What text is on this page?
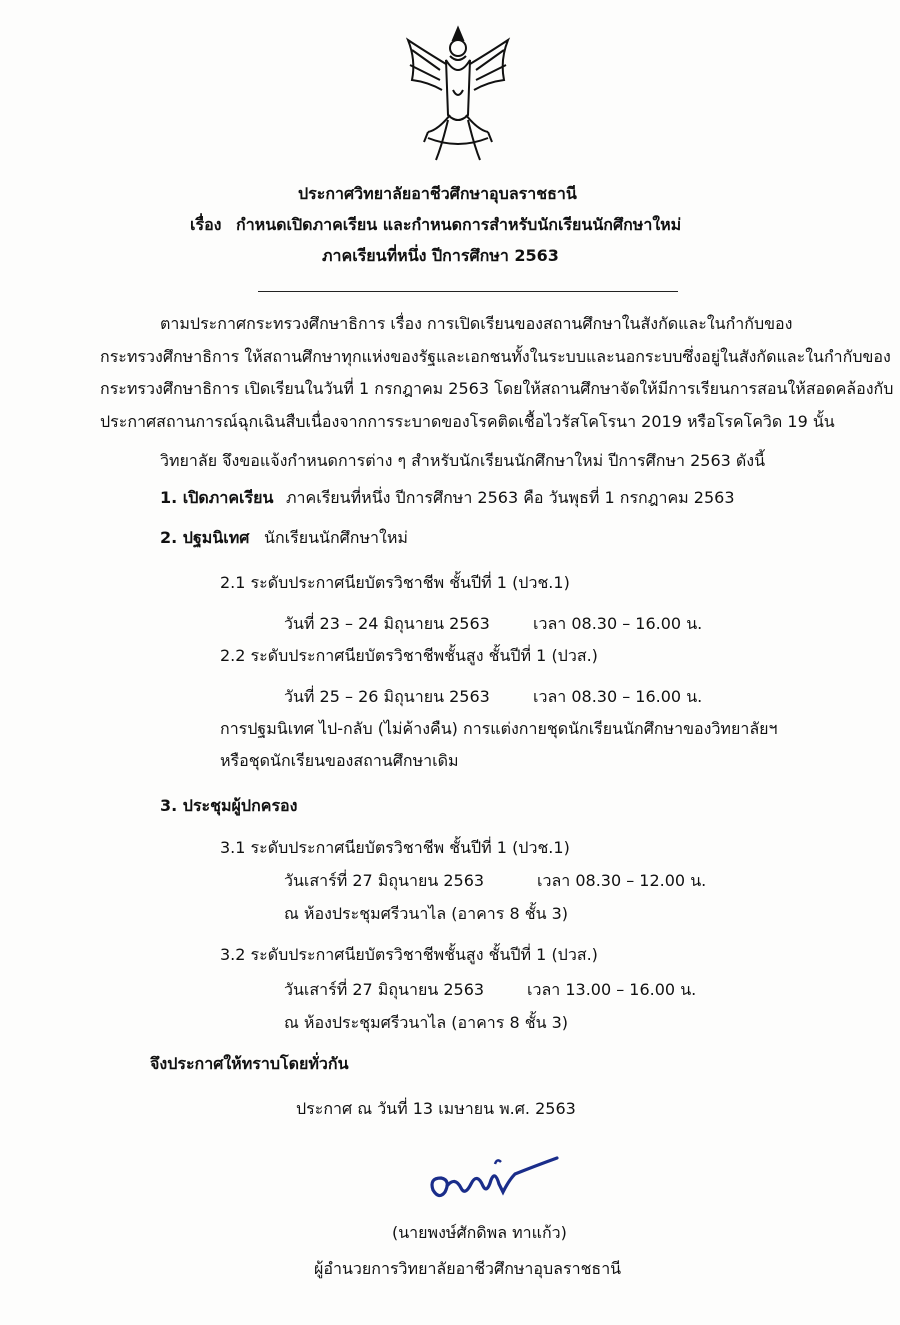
ประกาศวิทยาลัยอาชีวศึกษาอุบลราชธานี
เรื่อง กำหนดเปิดภาคเรียน และกำหนดการสำหรับนักเรียนนักศึกษาใหม่
ภาคเรียนที่หนึ่ง ปีการศึกษา 2563
ตามประกาศกระทรวงศึกษาธิการ เรื่อง การเปิดเรียนของสถานศึกษาในสังกัดและในกำกับของ
กระทรวงศึกษาธิการ ให้สถานศึกษาทุกแห่งของรัฐและเอกชนทั้งในระบบและนอกระบบซึ่งอยู่ในสังกัดและในกำกับของ
กระทรวงศึกษาธิการ เปิดเรียนในวันที่ 1 กรกฎาคม 2563 โดยให้สถานศึกษาจัดให้มีการเรียนการสอนให้สอดคล้องกับ
ประกาศสถานการณ์ฉุกเฉินสืบเนื่องจากการระบาดของโรคติดเชื้อไวรัสโคโรนา 2019 หรือโรคโควิด 19 นั้น
วิทยาลัย จึงขอแจ้งกำหนดการต่าง ๆ สำหรับนักเรียนนักศึกษาใหม่ ปีการศึกษา 2563 ดังนี้
1. เปิดภาคเรียน ภาคเรียนที่หนึ่ง ปีการศึกษา 2563 คือ วันพุธที่ 1 กรกฎาคม 2563
2. ปฐมนิเทศ นักเรียนนักศึกษาใหม่
2.1 ระดับประกาศนียบัตรวิชาชีพ ชั้นปีที่ 1 (ปวช.1)
วันที่ 23 – 24 มิถุนายน 2563	เวลา 08.30 – 16.00 น.
2.2 ระดับประกาศนียบัตรวิชาชีพชั้นสูง ชั้นปีที่ 1 (ปวส.)
วันที่ 25 – 26 มิถุนายน 2563	เวลา 08.30 – 16.00 น.
การปฐมนิเทศ ไป-กลับ (ไม่ค้างคืน) การแต่งกายชุดนักเรียนนักศึกษาของวิทยาลัยฯ
หรือชุดนักเรียนของสถานศึกษาเดิม
3. ประชุมผู้ปกครอง
3.1 ระดับประกาศนียบัตรวิชาชีพ ชั้นปีที่ 1 (ปวช.1)
วันเสาร์ที่ 27 มิถุนายน 2563	เวลา 08.30 – 12.00 น.
ณ ห้องประชุมศรีวนาไล (อาคาร 8 ชั้น 3)
3.2 ระดับประกาศนียบัตรวิชาชีพชั้นสูง ชั้นปีที่ 1 (ปวส.)
วันเสาร์ที่ 27 มิถุนายน 2563	เวลา 13.00 – 16.00 น.
ณ ห้องประชุมศรีวนาไล (อาคาร 8 ชั้น 3)
จึงประกาศให้ทราบโดยทั่วกัน
ประกาศ ณ วันที่ 13 เมษายน พ.ศ. 2563
(นายพงษ์ศักดิพล ทาแก้ว)
ผู้อำนวยการวิทยาลัยอาชีวศึกษาอุบลราชธานี
